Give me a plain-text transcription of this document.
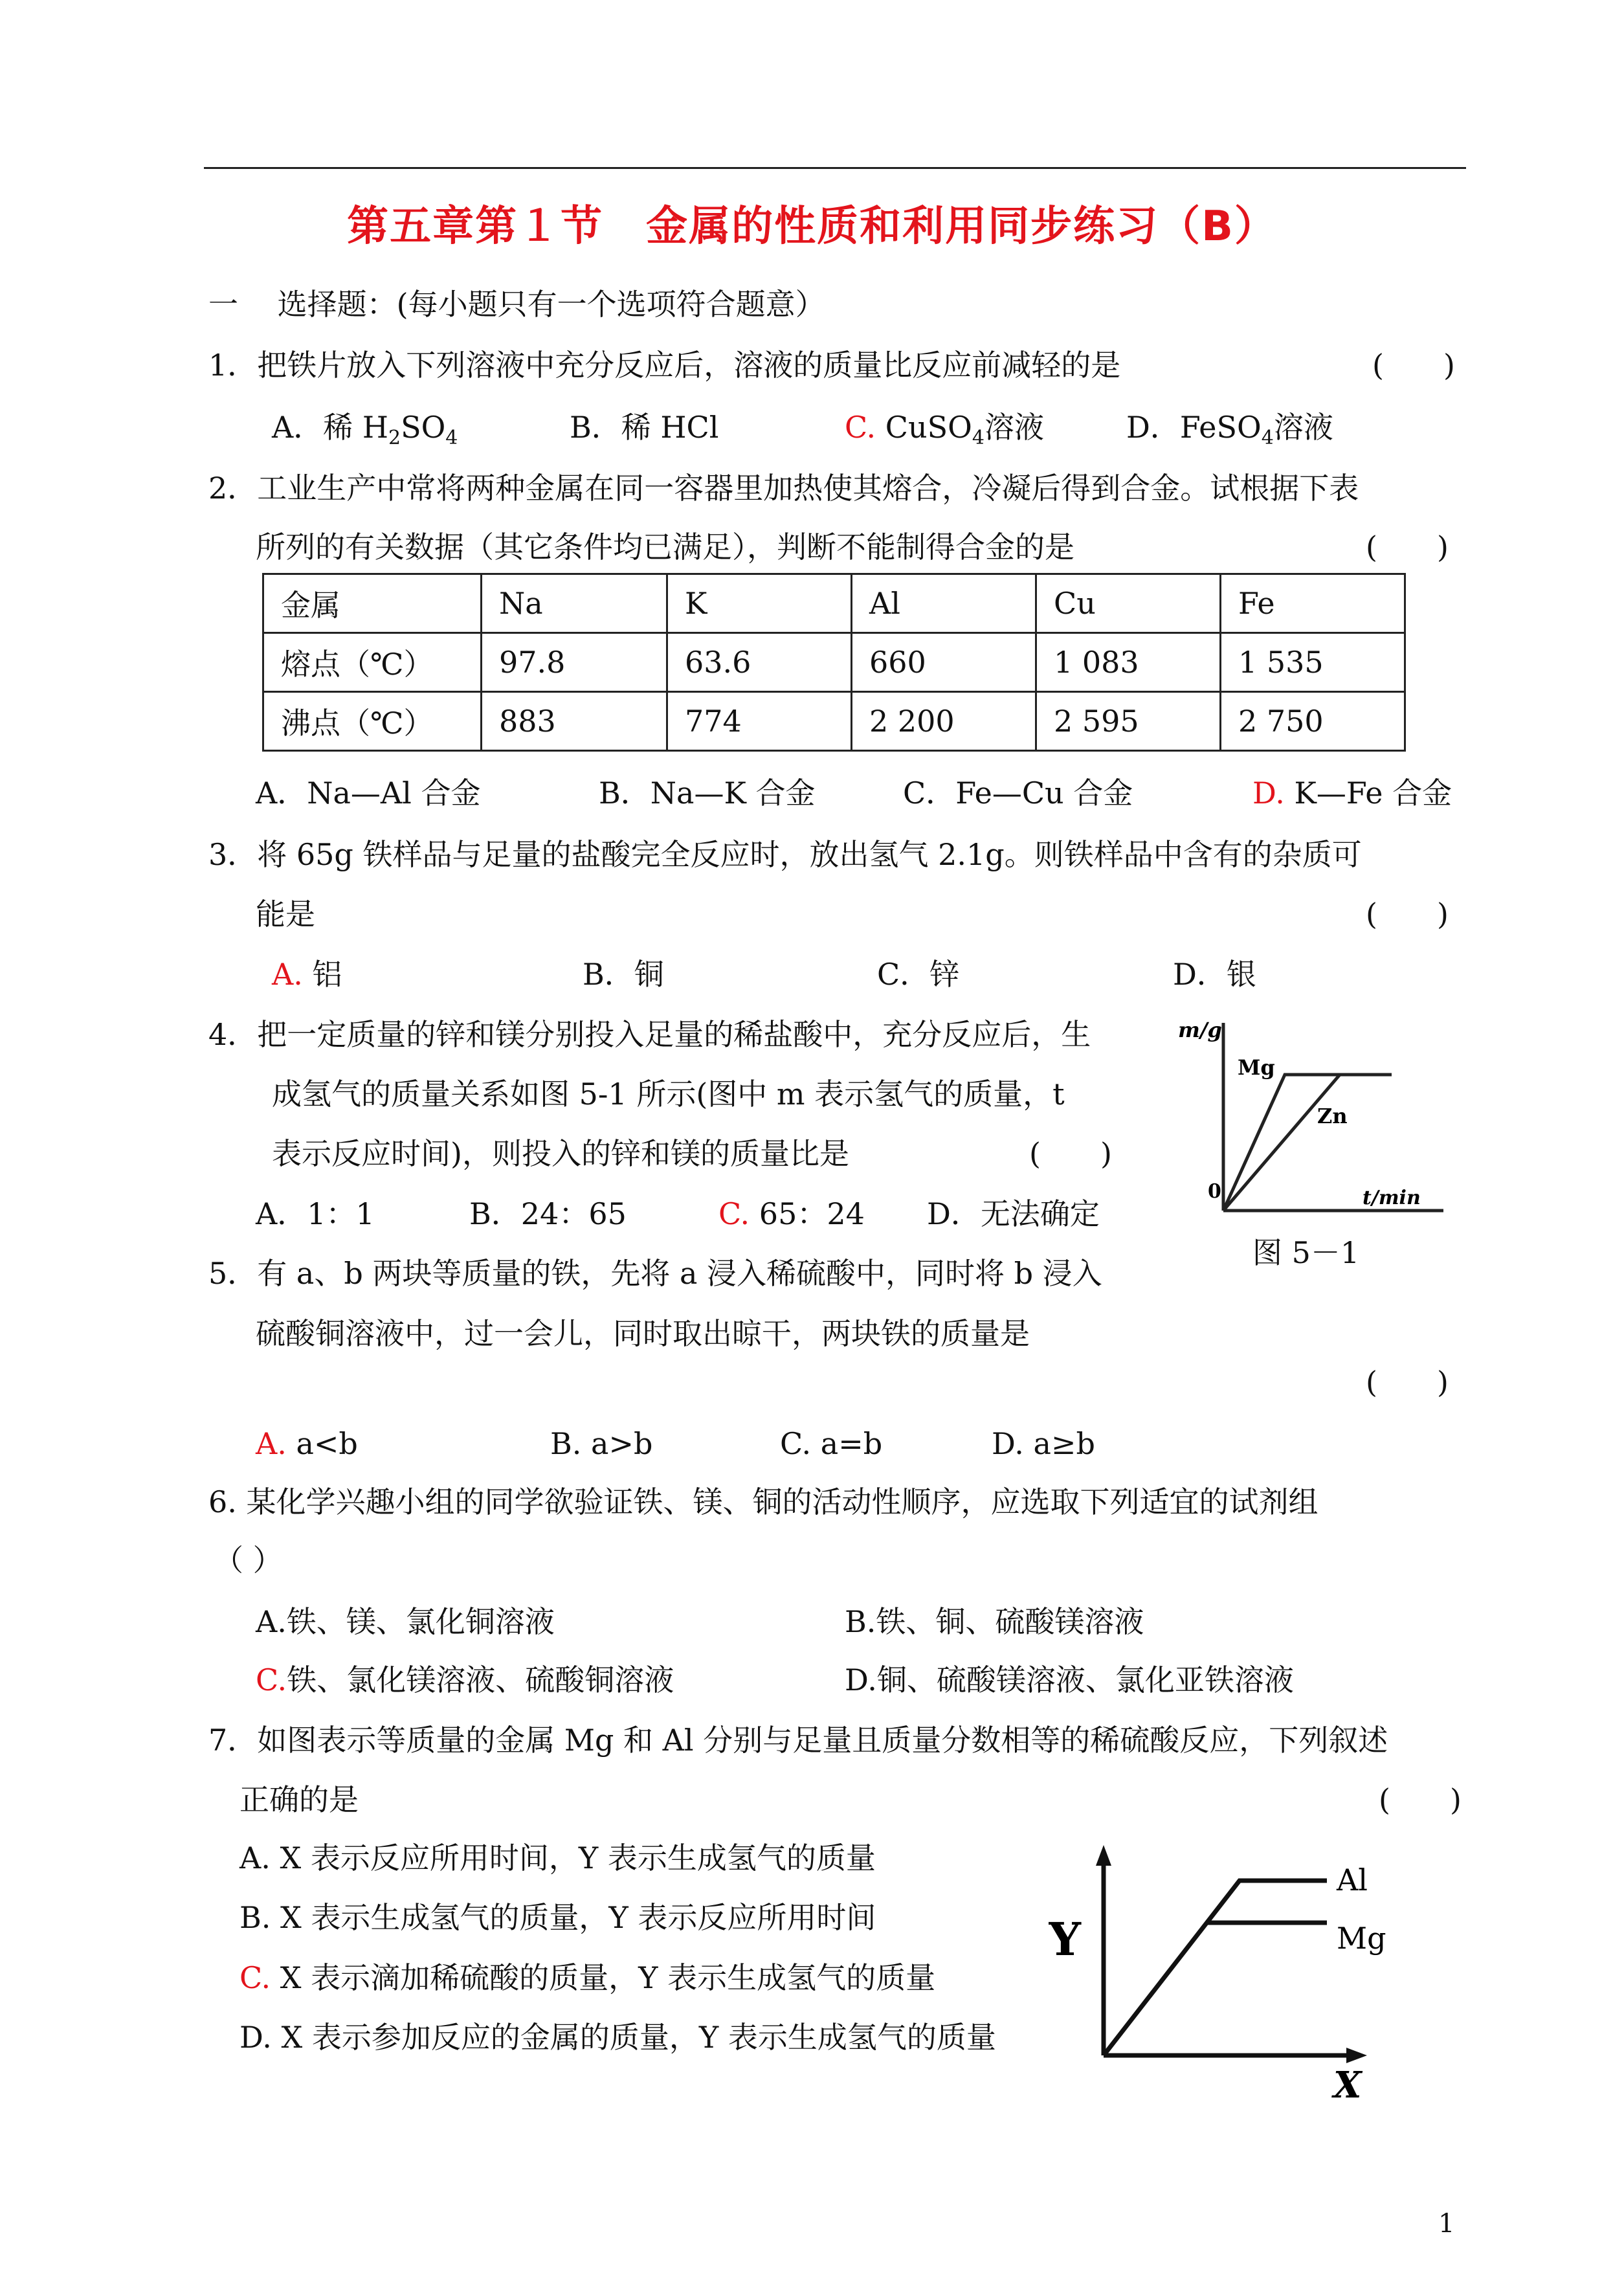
第五章第１节　金属的性质和利用同步练习（B）
一　 选择题：(每小题只有一个选项符合题意）
1．把铁片放入下列溶液中充分反应后，溶液的质量比反应前减轻的是	(　　)
A．稀 $H_2SO_4$	B．稀 HCl	C. CuSO$_4$溶液	D．FeSO$_4$溶液
2．工业生产中常将两种金属在同一容器里加热使其熔合，冷凝后得到合金。试根据下表
所列的有关数据（其它条件均已满足），判断不能制得合金的是	(　　)
金属	Na	K	Al	Cu	Fe
熔点（℃）	97.8	63.6	660	1 083	1 535
沸点（℃）	883	774	2 200	2 595	2 750
A．Na—Al 合金	B．Na—K 合金	C．Fe—Cu 合金	D. K—Fe 合金
3．将 65g 铁样品与足量的盐酸完全反应时，放出氢气 2.1g。则铁样品中含有的杂质可
能是	(　　)
A. 铝	B．铜	C．锌	D．银
4．把一定质量的锌和镁分别投入足量的稀盐酸中，充分反应后，生
成氢气的质量关系如图 5-1 所示(图中 m 表示氢气的质量，t
表示反应时间)，则投入的锌和镁的质量比是	(　　)
A．1：1	B．24：65	C. 65：24 D．无法确定
m/g
Mg
Zn
0	t/min
图 5－1
5．有 a、b 两块等质量的铁，先将 a 浸入稀硫酸中，同时将 b 浸入
硫酸铜溶液中，过一会儿，同时取出晾干，两块铁的质量是
(　　)
A. a<b	B. a>b	C. a=b	D. a≥b
6. 某化学兴趣小组的同学欲验证铁、镁、铜的活动性顺序，应选取下列适宜的试剂组
（ ）
A.铁、镁、氯化铜溶液	B.铁、铜、硫酸镁溶液
C.铁、氯化镁溶液、硫酸铜溶液	D.铜、硫酸镁溶液、氯化亚铁溶液
7．如图表示等质量的金属 Mg 和 Al 分别与足量且质量分数相等的稀硫酸反应，下列叙述
正确的是	(　　)
A. X 表示反应所用时间，Y 表示生成氢气的质量
B. X 表示生成氢气的质量，Y 表示反应所用时间
C. X 表示滴加稀硫酸的质量，Y 表示生成氢气的质量
D. X 表示参加反应的金属的质量，Y 表示生成氢气的质量
Y
Al
Mg
X
1
